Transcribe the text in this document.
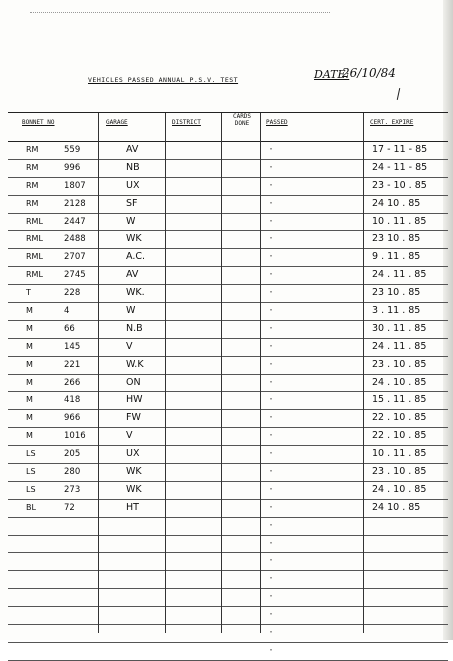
VEHICLES PASSED ANNUAL P.S.V. TEST	DATE:
26/10/84
BONNET NO	GARAGE	DISTRICT
CARDS DONE	PASSED	CERT. EXPIRE
RM	559	AV	"	17 - 11 - 85
RM	996	NB	"	24 - 11 - 85
RM	1807	UX	"	23 - 10 . 85
RM	2128	SF	"	24 10 . 85
RML 2447	W	"	10 . 11 . 85
RML 2488	WK	"	23 10 . 85
RML 2707	A.C.	"	9 . 11 . 85
RML 2745	AV	"	24 . 11 . 85
T	228	WK.	"	23 10 . 85
M	4	W	"	3 . 11 . 85
M	66	N.B	"	30 . 11 . 85
M	145	V	"	24 . 11 . 85
M	221	W.K	"	23 . 10 . 85
M	266	ON	"	24 . 10 . 85
M	418	HW	"	15 . 11 . 85
M	966	FW	"	22 . 10 . 85
M	1016	V	"	22 . 10 . 85
LS	205	UX	"	10 . 11 . 85
LS	280	WK	"	23 . 10 . 85
LS	273	WK	"	24 . 10 . 85
BL	72	HT	"	24 10 . 85
"
"
"
"
"
"
"
"
